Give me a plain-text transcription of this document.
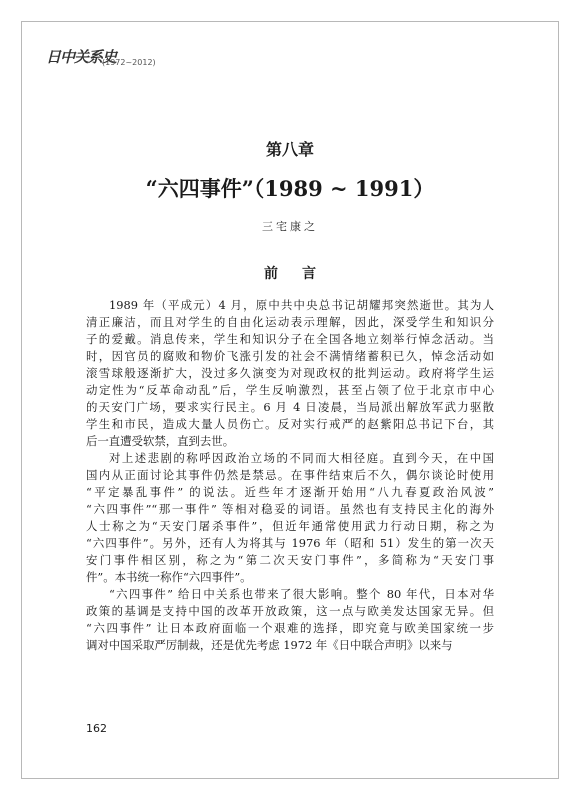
日中关系史
(1972~2012)
第八章
“六四事件”（1989 ~ 1991）
三宅康之
前言
1989 年（平成元）4 月，原中共中央总书记胡耀邦突然逝世。其为人
清正廉洁，而且对学生的自由化运动表示理解，因此，深受学生和知识分
子的爱戴。消息传来，学生和知识分子在全国各地立刻举行悼念活动。当
时，因官员的腐败和物价飞涨引发的社会不满情绪蓄积已久，悼念活动如
滚雪球般逐渐扩大，没过多久演变为对现政权的批判运动。政府将学生运
动定性为“反革命动乱”后，学生反响激烈，甚至占领了位于北京市中心
的天安门广场，要求实行民主。6 月 4 日凌晨，当局派出解放军武力驱散
学生和市民，造成大量人员伤亡。反对实行戒严的赵紫阳总书记下台，其
后一直遭受软禁，直到去世。
对上述悲剧的称呼因政治立场的不同而大相径庭。直到今天，在中国
国内从正面讨论其事件仍然是禁忌。在事件结束后不久，偶尔谈论时使用
“平定暴乱事件” 的说法。近些年才逐渐开始用“八九春夏政治风波”
“六四事件”“那一事件” 等相对稳妥的词语。虽然也有支持民主化的海外
人士称之为“天安门屠杀事件”，但近年通常使用武力行动日期，称之为
“六四事件”。另外，还有人为将其与 1976 年（昭和 51）发生的第一次天
安门事件相区别，称之为“第二次天安门事件”，多简称为“天安门事
件”。本书统一称作“六四事件”。
“六四事件” 给日中关系也带来了很大影响。整个 80 年代，日本对华
政策的基调是支持中国的改革开放政策，这一点与欧美发达国家无异。但
“六四事件” 让日本政府面临一个艰难的选择，即究竟与欧美国家统一步
调对中国采取严厉制裁，还是优先考虑 1972 年《日中联合声明》以来与
162
